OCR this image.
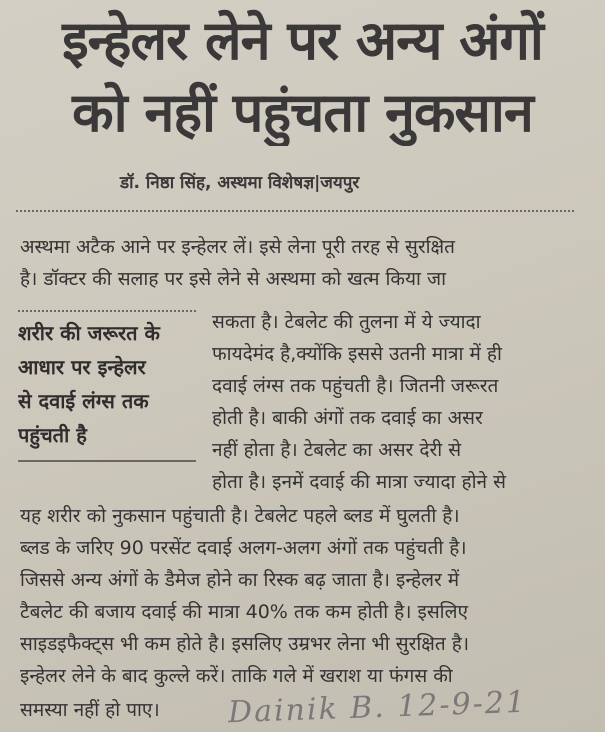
इन्हेलर लेने पर अन्य अंगों
को नहीं पहुंचता नुकसान
डॉ. निष्ठा सिंह, अस्थमा विशेषज्ञ|जयपुर
अस्थमा अटैक आने पर इन्हेलर लें। इसे लेना पूरी तरह से सुरक्षित
है। डॉक्टर की सलाह पर इसे लेने से अस्थमा को खत्म किया जा
सकता है। टेबलेट की तुलना में ये ज्यादा
फायदेमंद है,क्योंकि इससे उतनी मात्रा में ही
दवाई लंग्स तक पहुंचती है। जितनी जरूरत
होती है। बाकी अंगों तक दवाई का असर
नहीं होता है। टेबलेट का असर देरी से
होता है। इनमें दवाई की मात्रा ज्यादा होने से
यह शरीर को नुकसान पहुंचाती है। टेबलेट पहले ब्लड में घुलती है।
ब्लड के जरिए 90 परसेंट दवाई अलग-अलग अंगों तक पहुंचती है।
जिससे अन्य अंगों के डैमेज होने का रिस्क बढ़ जाता है। इन्हेलर में
टैबलेट की बजाय दवाई की मात्रा 40% तक कम होती है। इसलिए
साइडइफैक्ट्स भी कम होते है। इसलिए उम्रभर लेना भी सुरक्षित है।
इन्हेलर लेने के बाद कुल्ले करें। ताकि गले में खराश या फंगस की
समस्या नहीं हो पाए।
शरीर की जरूरत के
आधार पर इन्हेलर
से दवाई लंग्स तक
पहुंचती है
Dainik B. 12-9-21
